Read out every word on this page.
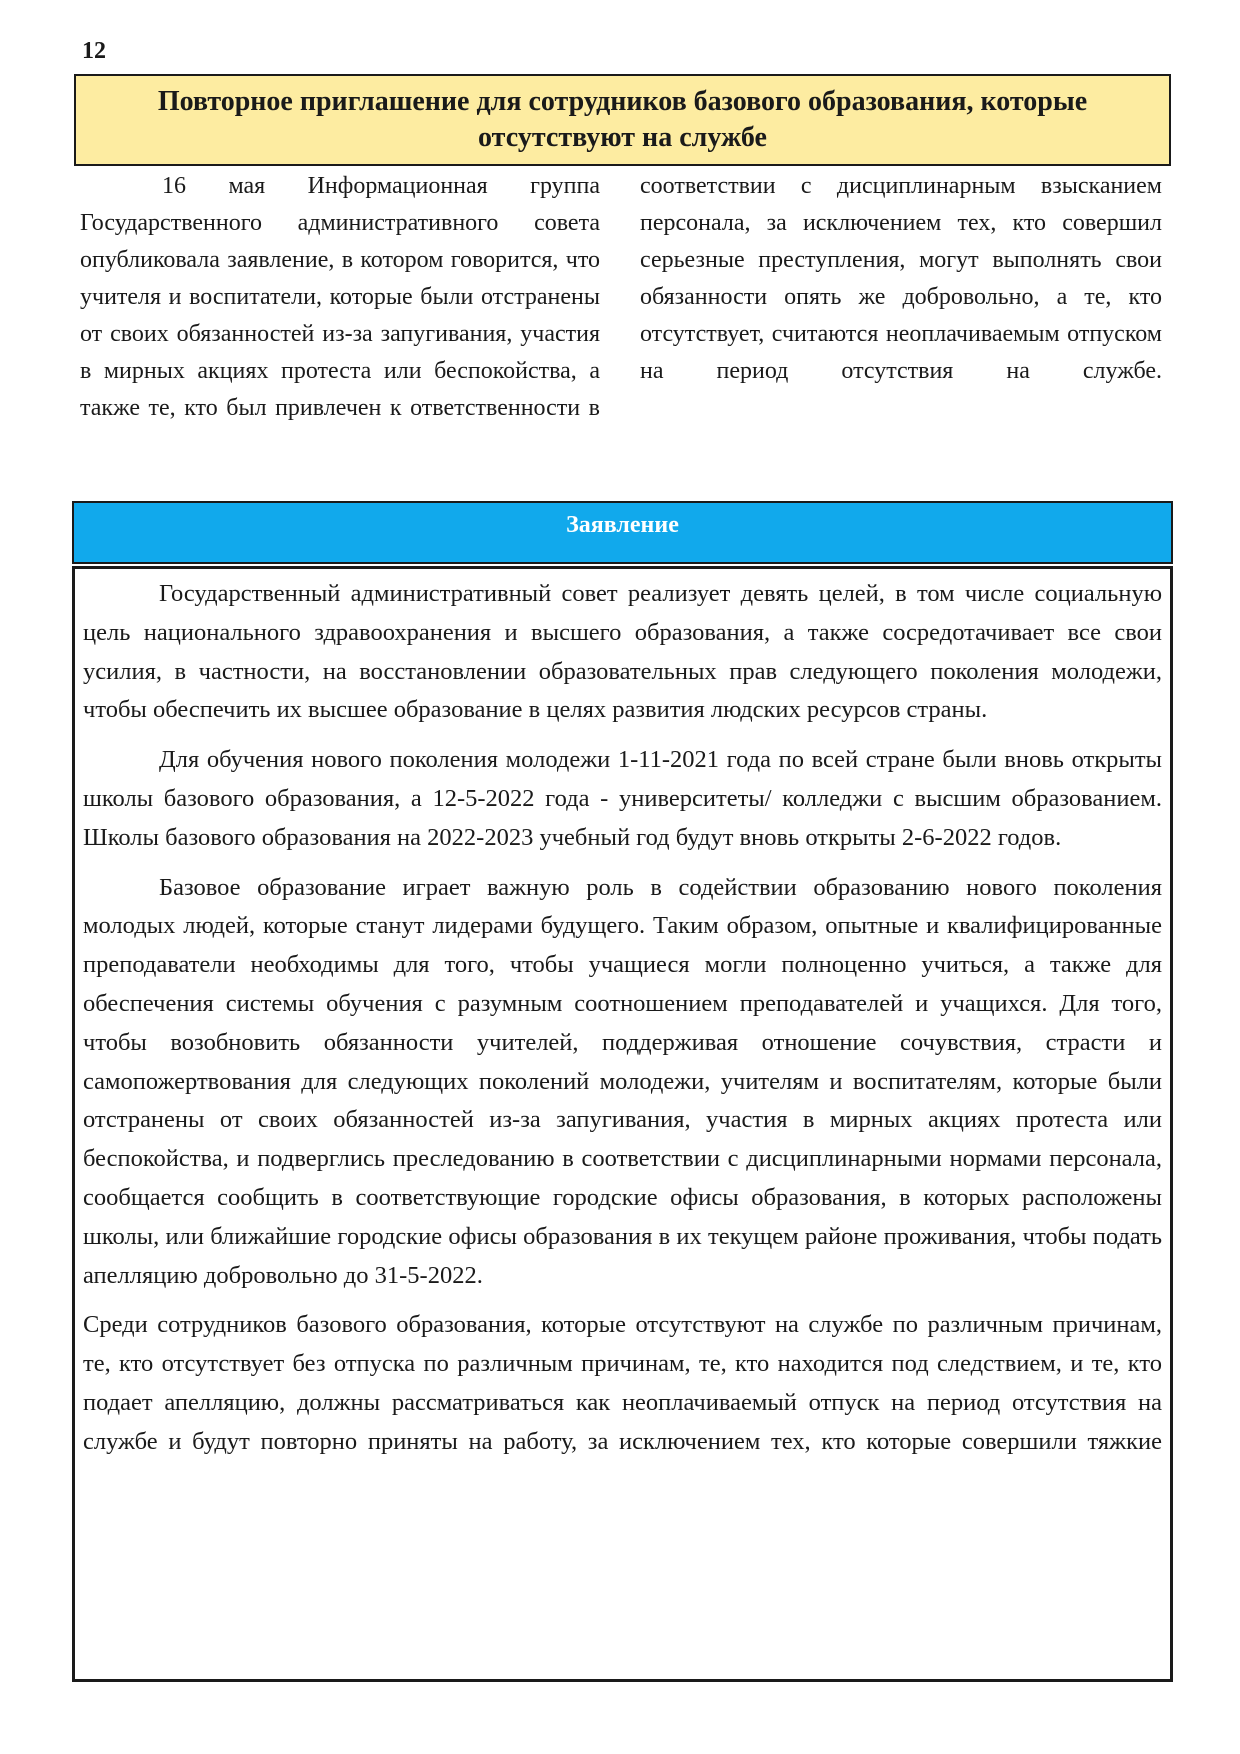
12
Повторное приглашение для сотрудников базового образования, которые отсутствуют на службе
16 мая Информационная группа Государственного административного совета опубликовала заявление, в котором говорится, что учителя и воспитатели, которые были отстранены от своих обязанностей из-за запугивания, участия в мирных акциях протеста или беспокойства, а также те, кто был привлечен к ответственности в
соответствии с дисциплинарным взысканием персонала, за исключением тех, кто совершил серьезные преступления, могут выполнять свои обязанности опять же добровольно, а те, кто отсутствует, считаются неоплачиваемым отпуском на период отсутствия на службе.
Заявление

Государственный административный совет реализует девять целей, в том числе социальную цель национального здравоохранения и высшего образования, а также сосредотачивает все свои усилия, в частности, на восстановлении образовательных прав следующего поколения молодежи, чтобы обеспечить их высшее образование в целях развития людских ресурсов страны.

Для обучения нового поколения молодежи 1-11-2021 года по всей стране были вновь открыты школы базового образования, а 12-5-2022 года - университеты/ колледжи с высшим образованием. Школы базового образования на 2022-2023 учебный год будут вновь открыты 2-6-2022 годов.

Базовое образование играет важную роль в содействии образованию нового поколения молодых людей, которые станут лидерами будущего. Таким образом, опытные и квалифицированные преподаватели необходимы для того, чтобы учащиеся могли полноценно учиться, а также для обеспечения системы обучения с разумным соотношением преподавателей и учащихся. Для того, чтобы возобновить обязанности учителей, поддерживая отношение сочувствия, страсти и самопожертвования для следующих поколений молодежи, учителям и воспитателям, которые были отстранены от своих обязанностей из-за запугивания, участия в мирных акциях протеста или беспокойства, и подверглись преследованию в соответствии с дисциплинарными нормами персонала, сообщается сообщить в соответствующие городские офисы образования, в которых расположены школы, или ближайшие городские офисы образования в их текущем районе проживания, чтобы подать апелляцию добровольно до 31-5-2022.

Среди сотрудников базового образования, которые отсутствуют на службе по различным причинам, те, кто отсутствует без отпуска по различным причинам, те, кто находится под следствием, и те, кто подает апелляцию, должны рассматриваться как неоплачиваемый отпуск на период отсутствия на службе и будут повторно приняты на работу, за исключением тех, кто которые совершили тяжкие
